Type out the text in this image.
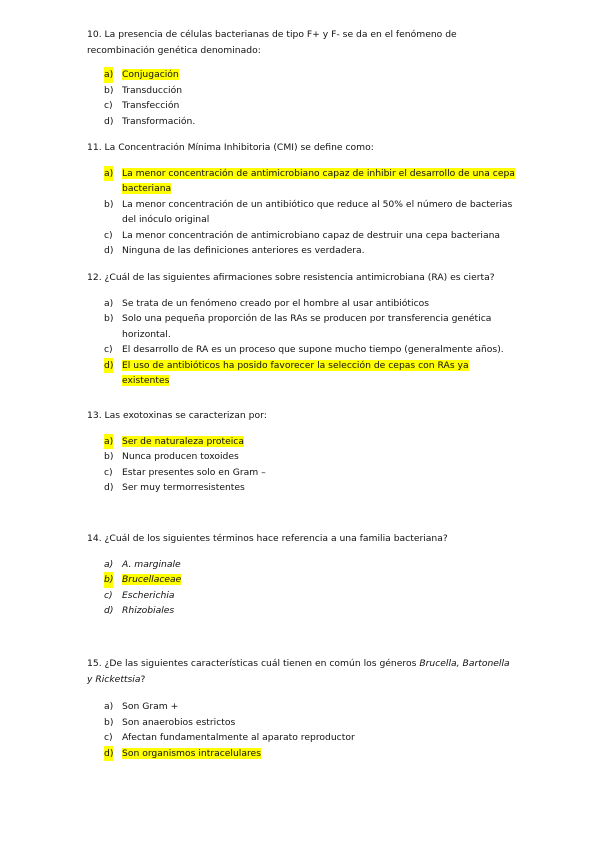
10. La presencia de células bacterianas de tipo F+ y F- se da en el fenómeno de recombinación genética denominado:

a) Conjugación
b) Transducción
c) Transfección
d) Transformación.

11. La Concentración Mínima Inhibitoria (CMI) se define como:

a) La menor concentración de antimicrobiano capaz de inhibir el desarrollo de una cepa bacteriana
b) La menor concentración de un antibiótico que reduce al 50% el número de bacterias del inóculo original
c) La menor concentración de antimicrobiano capaz de destruir una cepa bacteriana
d) Ninguna de las definiciones anteriores es verdadera.

12. ¿Cuál de las siguientes afirmaciones sobre resistencia antimicrobiana (RA) es cierta?

a) Se trata de un fenómeno creado por el hombre al usar antibióticos
b) Solo una pequeña proporción de las RAs se producen por transferencia genética horizontal.
c) El desarrollo de RA es un proceso que supone mucho tiempo (generalmente años).
d) El uso de antibióticos ha posido favorecer la selección de cepas con RAs ya existentes

13. Las exotoxinas se caracterizan por:

a) Ser de naturaleza proteica
b) Nunca producen toxoides
c) Estar presentes solo en Gram –
d) Ser muy termorresistentes

14. ¿Cuál de los siguientes términos hace referencia a una familia bacteriana?

a) A. marginale
b) Brucellaceae
c) Escherichia
d) Rhizobiales

15. ¿De las siguientes características cuál tienen en común los géneros Brucella, Bartonella y Rickettsia?

a) Son Gram +
b) Son anaerobios estrictos
c) Afectan fundamentalmente al aparato reproductor
d) Son organismos intracelulares
